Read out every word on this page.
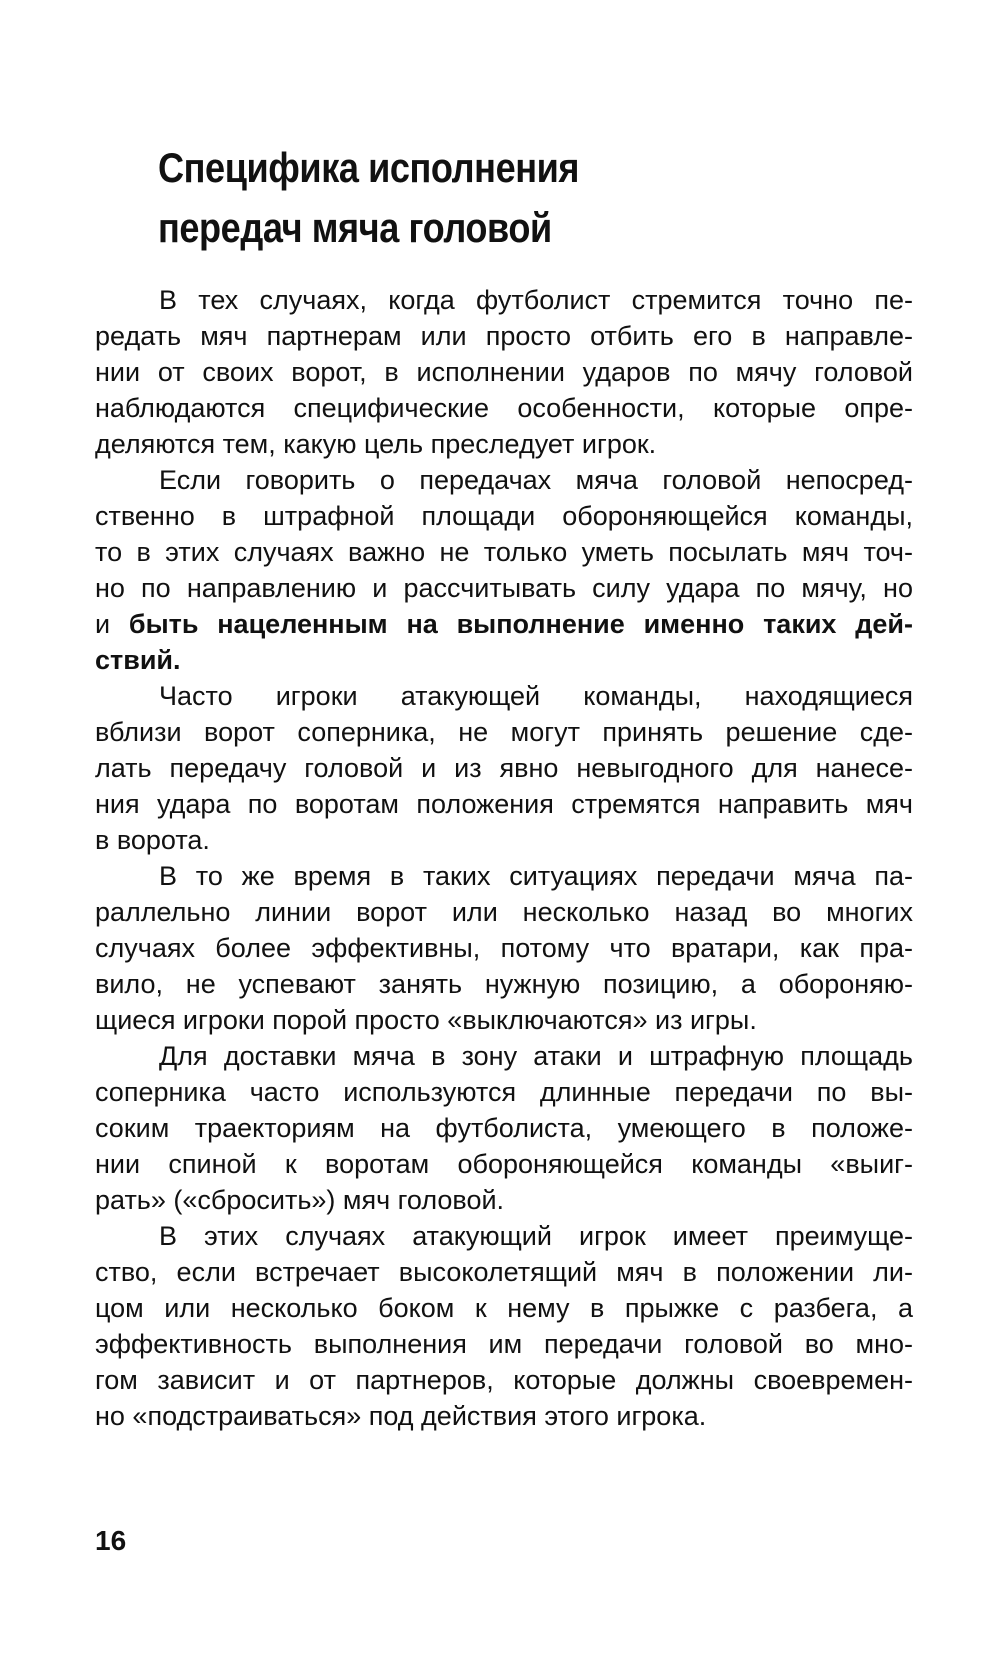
Специфика исполнения
передач мяча головой

В тех случаях, когда футболист стремится точно пе-
редать мяч партнерам или просто отбить его в направле-
нии от своих ворот, в исполнении ударов по мячу головой
наблюдаются специфические особенности, которые опре-
деляются тем, какую цель преследует игрок.

Если говорить о передачах мяча головой непосред-
ственно в штрафной площади обороняющейся команды,
то в этих случаях важно не только уметь посылать мяч точ-
но по направлению и рассчитывать силу удара по мячу, но
и быть нацеленным на выполнение именно таких дей-
ствий.

Часто игроки атакующей команды, находящиеся
вблизи ворот соперника, не могут принять решение сде-
лать передачу головой и из явно невыгодного для нанесе-
ния удара по воротам положения стремятся направить мяч
в ворота.

В то же время в таких ситуациях передачи мяча па-
раллельно линии ворот или несколько назад во многих
случаях более эффективны, потому что вратари, как пра-
вило, не успевают занять нужную позицию, а обороняю-
щиеся игроки порой просто «выключаются» из игры.

Для доставки мяча в зону атаки и штрафную площадь
соперника часто используются длинные передачи по вы-
соким траекториям на футболиста, умеющего в положе-
нии спиной к воротам обороняющейся команды «выиг-
рать» («сбросить») мяч головой.

В этих случаях атакующий игрок имеет преимуще-
ство, если встречает высоколетящий мяч в положении ли-
цом или несколько боком к нему в прыжке с разбега, а
эффективность выполнения им передачи головой во мно-
гом зависит и от партнеров, которые должны своевремен-
но «подстраиваться» под действия этого игрока.

16
